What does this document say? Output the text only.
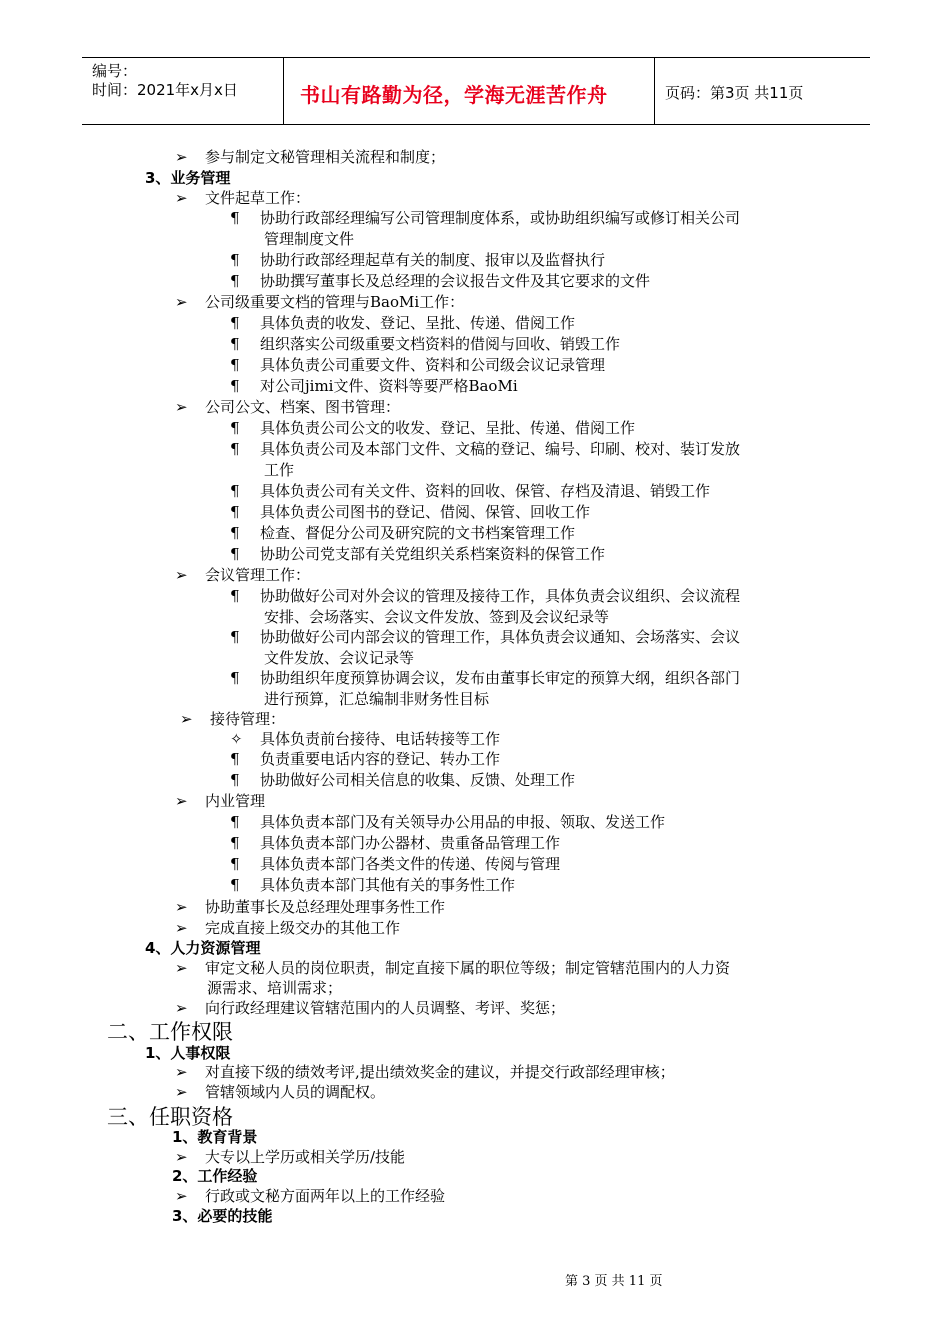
编号：
时间：2021年x月x日	书山有路勤为径，学海无涯苦作舟	页码：第3页 共11页
➢ 参与制定文秘管理相关流程和制度；
3、业务管理
➢ 文件起草工作：
¶ 协助行政部经理编写公司管理制度体系，或协助组织编写或修订相关公司
管理制度文件
¶ 协助行政部经理起草有关的制度、报审以及监督执行
¶ 协助撰写董事长及总经理的会议报告文件及其它要求的文件
➢ 公司级重要文档的管理与BaoMi工作：
¶ 具体负责的收发、登记、呈批、传递、借阅工作
¶ 组织落实公司级重要文档资料的借阅与回收、销毁工作
¶ 具体负责公司重要文件、资料和公司级会议记录管理
¶ 对公司jimi文件、资料等要严格BaoMi
➢ 公司公文、档案、图书管理：
¶ 具体负责公司公文的收发、登记、呈批、传递、借阅工作
¶ 具体负责公司及本部门文件、文稿的登记、编号、印刷、校对、装订发放
工作
¶ 具体负责公司有关文件、资料的回收、保管、存档及清退、销毁工作
¶ 具体负责公司图书的登记、借阅、保管、回收工作
¶ 检查、督促分公司及研究院的文书档案管理工作
¶ 协助公司党支部有关党组织关系档案资料的保管工作
➢ 会议管理工作：
¶ 协助做好公司对外会议的管理及接待工作，具体负责会议组织、会议流程
安排、会场落实、会议文件发放、签到及会议纪录等
¶ 协助做好公司内部会议的管理工作，具体负责会议通知、会场落实、会议
文件发放、会议记录等
¶ 协助组织年度预算协调会议，发布由董事长审定的预算大纲，组织各部门
进行预算，汇总编制非财务性目标
➢ 接待管理：
✧ 具体负责前台接待、电话转接等工作
¶ 负责重要电话内容的登记、转办工作
¶ 协助做好公司相关信息的收集、反馈、处理工作
➢ 内业管理
¶ 具体负责本部门及有关领导办公用品的申报、领取、发送工作
¶ 具体负责本部门办公器材、贵重备品管理工作
¶ 具体负责本部门各类文件的传递、传阅与管理
¶ 具体负责本部门其他有关的事务性工作
➢ 协助董事长及总经理处理事务性工作
➢ 完成直接上级交办的其他工作
4、人力资源管理
➢ 审定文秘人员的岗位职责，制定直接下属的职位等级；制定管辖范围内的人力资
源需求、培训需求；
➢ 向行政经理建议管辖范围内的人员调整、考评、奖惩；
二、工作权限
1、人事权限
➢ 对直接下级的绩效考评,提出绩效奖金的建议，并提交行政部经理审核；
➢ 管辖领域内人员的调配权。
三、任职资格
1、教育背景
➢ 大专以上学历或相关学历/技能
2、工作经验
➢ 行政或文秘方面两年以上的工作经验
3、必要的技能
第 3 页 共 11 页
